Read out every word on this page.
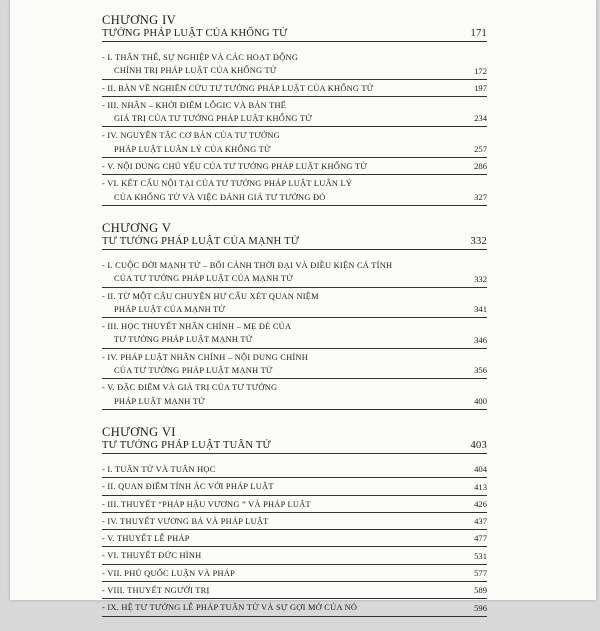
CHƯƠNG IV
TƯỞNG PHÁP LUẬT CỦA KHỔNG TỬ	171
- I. THÂN THẾ, SỰ NGHIỆP VÀ CÁC HOẠT ĐỘNG
CHÍNH TRỊ PHÁP LUẬT CỦA KHỔNG TỬ	172
- II. BÀN VỀ NGHIÊN CỨU TƯ TƯỞNG PHÁP LUẬT CỦA KHỔNG TỬ	197
- III. NHÂN – KHỞI ĐIỂM LÔGIC VÀ BẢN THỂ
GIÁ TRỊ CỦA TƯ TƯỞNG PHÁP LUẬT KHỔNG TỬ	234
- IV. NGUYÊN TẮC CƠ BẢN CỦA TƯ TƯỞNG
PHÁP LUẬT LUÂN LÝ CỦA KHỔNG TỬ	257
- V. NỘI DUNG CHỦ YẾU CỦA TƯ TƯỞNG PHÁP LUẬT KHỔNG TỬ	286
- VI. KẾT CẤU NỘI TẠI CỦA TƯ TƯỞNG PHÁP LUẬT LUÂN LÝ
CỦA KHỔNG TỬ VÀ VIỆC ĐÁNH GIÁ TƯ TƯỞNG ĐÓ	327
CHƯƠNG V
TƯ TƯỞNG PHÁP LUẬT CỦA MẠNH TỬ	332
- I. CUỘC ĐỜI MẠNH TỬ – BỐI CẢNH THỜI ĐẠI VÀ ĐIỀU KIỆN CÁ TÍNH
CỦA TƯ TƯỞNG PHÁP LUẬT CỦA MẠNH TỬ	332
- II. TỪ MỘT CÂU CHUYỆN HƯ CẤU XÉT QUAN NIỆM
PHÁP LUẬT CỦA MẠNH TỬ	341
- III. HỌC THUYẾT NHÂN CHÍNH – MẸ ĐẺ CỦA
TƯ TƯỞNG PHÁP LUẬT MẠNH TỬ	346
- IV. PHÁP LUẬT NHÂN CHÍNH – NỘI DUNG CHÍNH
CỦA TƯ TƯỞNG PHÁP LUẬT MẠNH TỬ	356
- V. ĐẶC ĐIỂM VÀ GIÁ TRỊ CỦA TƯ TƯỞNG
PHÁP LUẬT MẠNH TỬ	400
CHƯƠNG VI
TƯ TƯỞNG PHÁP LUẬT TUÂN TỬ	403
- I. TUÂN TỬ VÀ TUÂN HỌC	404
- II. QUAN ĐIỂM TÍNH ÁC VỚI PHÁP LUẬT	413
- III. THUYẾT “PHÁP HẬU VƯƠNG ” VÀ PHÁP LUẬT	426
- IV. THUYẾT VƯƠNG BÁ VÀ PHÁP LUẬT	437
- V. THUYẾT LỄ PHÁP	477
- VI. THUYẾT ĐỨC HÌNH	531
- VII. PHÚ QUỐC LUẬN VÀ PHÁP	577
- VIII. THUYẾT NGƯỜI TRỊ	589
- IX. HỆ TƯ TƯỞNG LỄ PHÁP TUÂN TỬ VÀ SỰ GỢI MỞ CỦA NÓ	596
